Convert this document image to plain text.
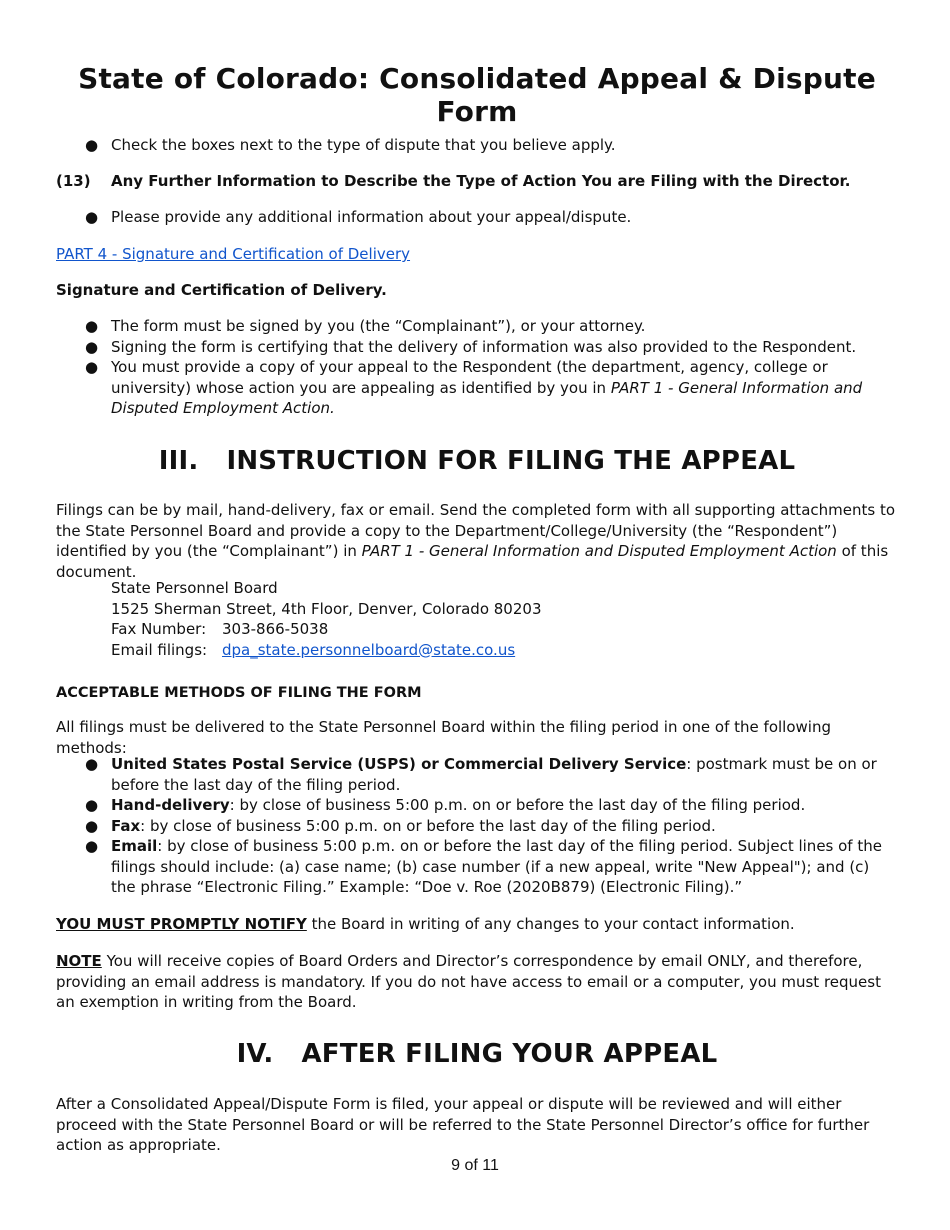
State of Colorado: Consolidated Appeal & Dispute Form
● Check the boxes next to the type of dispute that you believe apply.

(13) Any Further Information to Describe the Type of Action You are Filing with the Director.

● Please provide any additional information about your appeal/dispute.

PART 4 - Signature and Certification of Delivery

Signature and Certification of Delivery.

● The form must be signed by you (the “Complainant”), or your attorney.
● Signing the form is certifying that the delivery of information was also provided to the Respondent.
● You must provide a copy of your appeal to the Respondent (the department, agency, college or university) whose action you are appealing as identified by you in PART 1 - General Information and Disputed Employment Action.
III. INSTRUCTION FOR FILING THE APPEAL

Filings can be by mail, hand-delivery, fax or email. Send the completed form with all supporting attachments to the State Personnel Board and provide a copy to the Department/College/University (the “Respondent”) identified by you (the “Complainant”) in PART 1 - General Information and Disputed Employment Action of this document.

State Personnel Board
1525 Sherman Street, 4th Floor, Denver, Colorado 80203
Fax Number: 303-866-5038
Email filings: dpa_state.personnelboard@state.co.us

ACCEPTABLE METHODS OF FILING THE FORM

All filings must be delivered to the State Personnel Board within the filing period in one of the following methods:

● United States Postal Service (USPS) or Commercial Delivery Service: postmark must be on or before the last day of the filing period.
● Hand-delivery: by close of business 5:00 p.m. on or before the last day of the filing period.
● Fax: by close of business 5:00 p.m. on or before the last day of the filing period.
● Email: by close of business 5:00 p.m. on or before the last day of the filing period. Subject lines of the filings should include: (a) case name; (b) case number (if a new appeal, write "New Appeal"); and (c) the phrase “Electronic Filing.” Example: “Doe v. Roe (2020B879) (Electronic Filing).”

YOU MUST PROMPTLY NOTIFY the Board in writing of any changes to your contact information.

NOTE You will receive copies of Board Orders and Director’s correspondence by email ONLY, and therefore, providing an email address is mandatory. If you do not have access to email or a computer, you must request an exemption in writing from the Board.

IV. AFTER FILING YOUR APPEAL

After a Consolidated Appeal/Dispute Form is filed, your appeal or dispute will be reviewed and will either proceed with the State Personnel Board or will be referred to the State Personnel Director’s office for further action as appropriate.

9 of 11
